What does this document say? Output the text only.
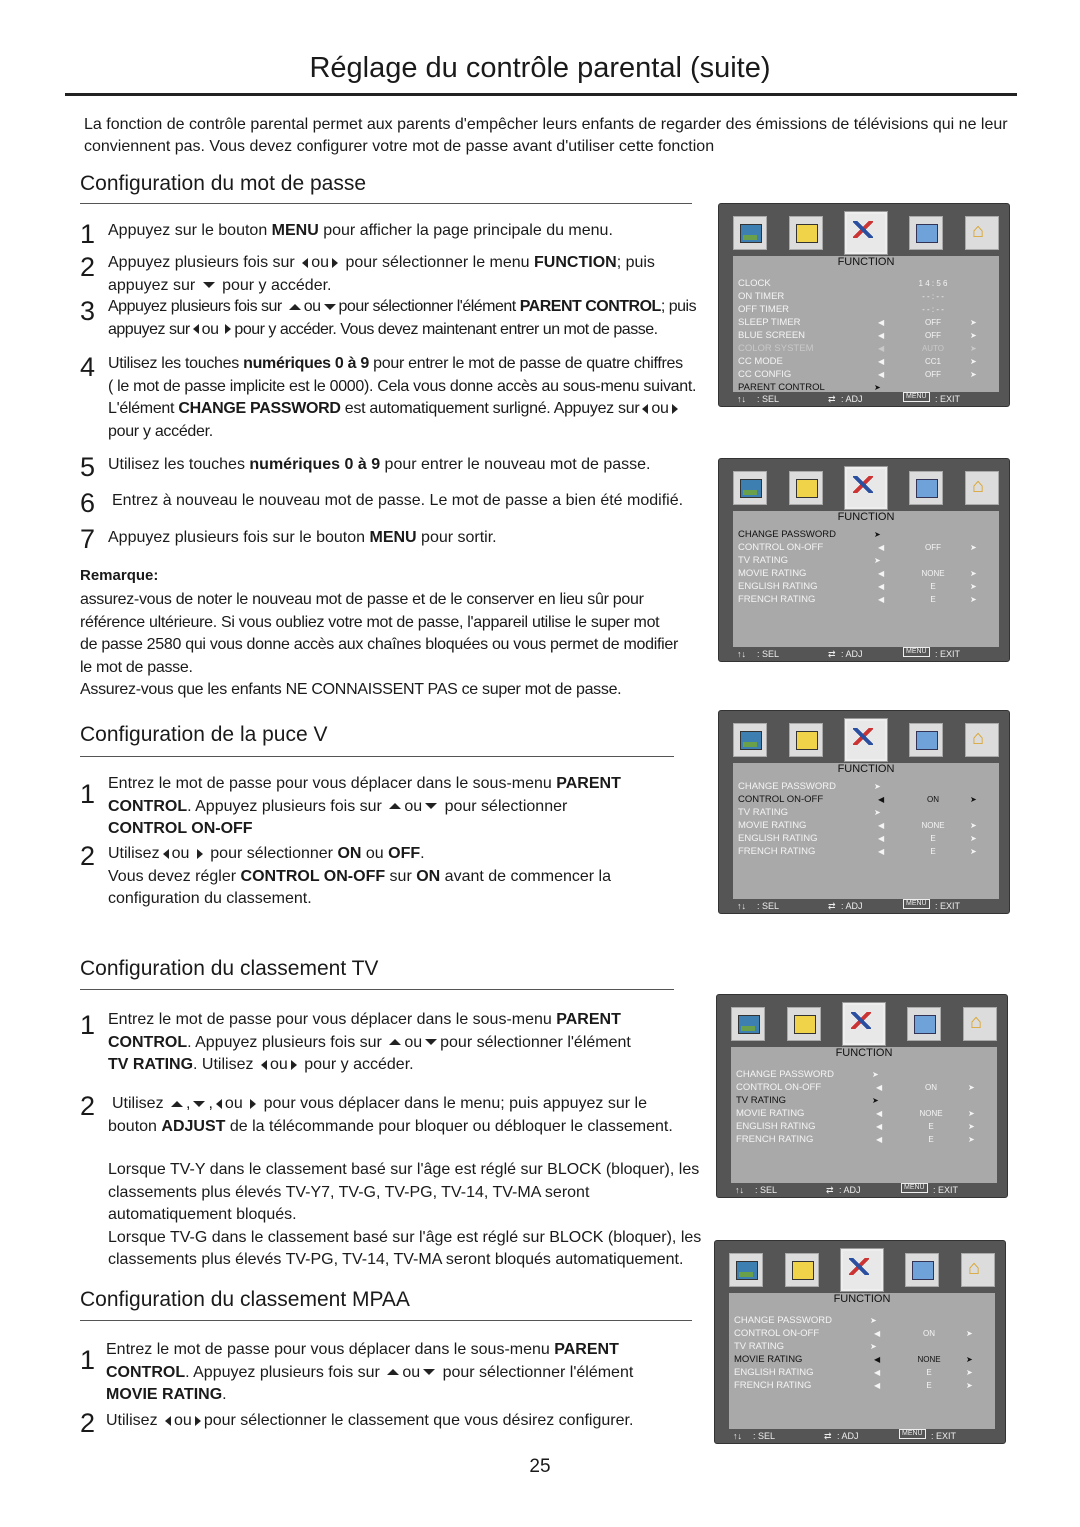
Réglage du contrôle parental (suite)
La fonction de contrôle parental permet aux parents d'empêcher leurs enfants de regarder des émissions de télévisions qui ne leur conviennent pas. Vous devez configurer votre mot de passe avant d'utiliser cette fonction
Configuration du mot de passe
1 Appuyez sur le bouton MENU pour afficher la page principale du menu.
2 Appuyez plusieurs fois sur ou pour sélectionner le menu FUNCTION; puis
appuyez sur pour y accéder.
3 Appuyez plusieurs fois sur ou pour sélectionner l'élément PARENT CONTROL; puis
appuyez sur ou pour y accéder. Vous devez maintenant entrer un mot de passe.
4 Utilisez les touches numériques 0 à 9 pour entrer le mot de passe de quatre chiffres
( le mot de passe implicite est le 0000). Cela vous donne accès au sous-menu suivant.
L'élément CHANGE PASSWORD est automatiquement surligné. Appuyez sur ou
pour y accéder.
5 Utilisez les touches numériques 0 à 9 pour entrer le nouveau mot de passe.
6 Entrez à nouveau le nouveau mot de passe. Le mot de passe a bien été modifié.
7 Appuyez plusieurs fois sur le bouton MENU pour sortir.
Remarque:
assurez-vous de noter le nouveau mot de passe et de le conserver en lieu sûr pour
référence ultérieure. Si vous oubliez votre mot de passe, l'appareil utilise le super mot
de passe 2580 qui vous donne accès aux chaînes bloquées ou vous permet de modifier
le mot de passe.
Assurez-vous que les enfants NE CONNAISSENT PAS ce super mot de passe.
Configuration de la puce V
1 Entrez le mot de passe pour vous déplacer dans le sous-menu PARENT
CONTROL. Appuyez plusieurs fois sur ou pour sélectionner
CONTROL ON-OFF
2 Utilisez ou pour sélectionner ON ou OFF.
Vous devez régler CONTROL ON-OFF sur ON avant de commencer la
configuration du classement.
Configuration du classement TV
1 Entrez le mot de passe pour vous déplacer dans le sous-menu PARENT
CONTROL. Appuyez plusieurs fois sur ou pour sélectionner l'élément
TV RATING. Utilisez ou pour y accéder.
2 Utilisez , , ou pour vous déplacer dans le menu; puis appuyez sur le
bouton ADJUST de la télécommande pour bloquer ou débloquer le classement.
Lorsque TV-Y dans le classement basé sur l'âge est réglé sur BLOCK (bloquer), les
classements plus élevés TV-Y7, TV-G, TV-PG, TV-14, TV-MA seront
automatiquement bloqués.
Lorsque TV-G dans le classement basé sur l'âge est réglé sur BLOCK (bloquer), les
classements plus élevés TV-PG, TV-14, TV-MA seront bloqués automatiquement.
Configuration du classement MPAA
1 Entrez le mot de passe pour vous déplacer dans le sous-menu PARENT
CONTROL. Appuyez plusieurs fois sur ou pour sélectionner l'élément
MOVIE RATING.
2 Utilisez ou pour sélectionner le classement que vous désirez configurer.
25
⌂
FUNCTION
CLOCK	1 4 : 5 6
ON TIMER	- - : - -
OFF TIMER	- - : - -
SLEEP TIMER	◀	OFF	➤
BLUE SCREEN	◀	OFF	➤
COLOR SYSTEM	◀	AUTO	➤
CC MODE	◀	CC1	➤
CC CONFIG	◀	OFF	➤
PARENT CONTROL	➤
↑↓ : SEL	⇄ : ADJ	MENU : EXIT
⌂
FUNCTION
CHANGE PASSWORD	➤
CONTROL ON-OFF	◀	OFF	➤
TV RATING	➤
MOVIE RATING	◀	NONE	➤
ENGLISH RATING	◀	E	➤
FRENCH RATING	◀	E	➤
↑↓ : SEL	⇄ : ADJ	MENU : EXIT
⌂
FUNCTION
CHANGE PASSWORD	➤
CONTROL ON-OFF	◀	ON	➤
TV RATING	➤
MOVIE RATING	◀	NONE	➤
ENGLISH RATING	◀	E	➤
FRENCH RATING	◀	E	➤
↑↓ : SEL	⇄ : ADJ	MENU : EXIT
⌂
FUNCTION
CHANGE PASSWORD	➤
CONTROL ON-OFF	◀	ON	➤
TV RATING	➤
MOVIE RATING	◀	NONE	➤
ENGLISH RATING	◀	E	➤
FRENCH RATING	◀	E	➤
↑↓ : SEL	⇄ : ADJ	MENU : EXIT
⌂
FUNCTION
CHANGE PASSWORD	➤
CONTROL ON-OFF	◀	ON	➤
TV RATING	➤
MOVIE RATING	◀	NONE	➤
ENGLISH RATING	◀	E	➤
FRENCH RATING	◀	E	➤
↑↓ : SEL	⇄ : ADJ	MENU : EXIT
